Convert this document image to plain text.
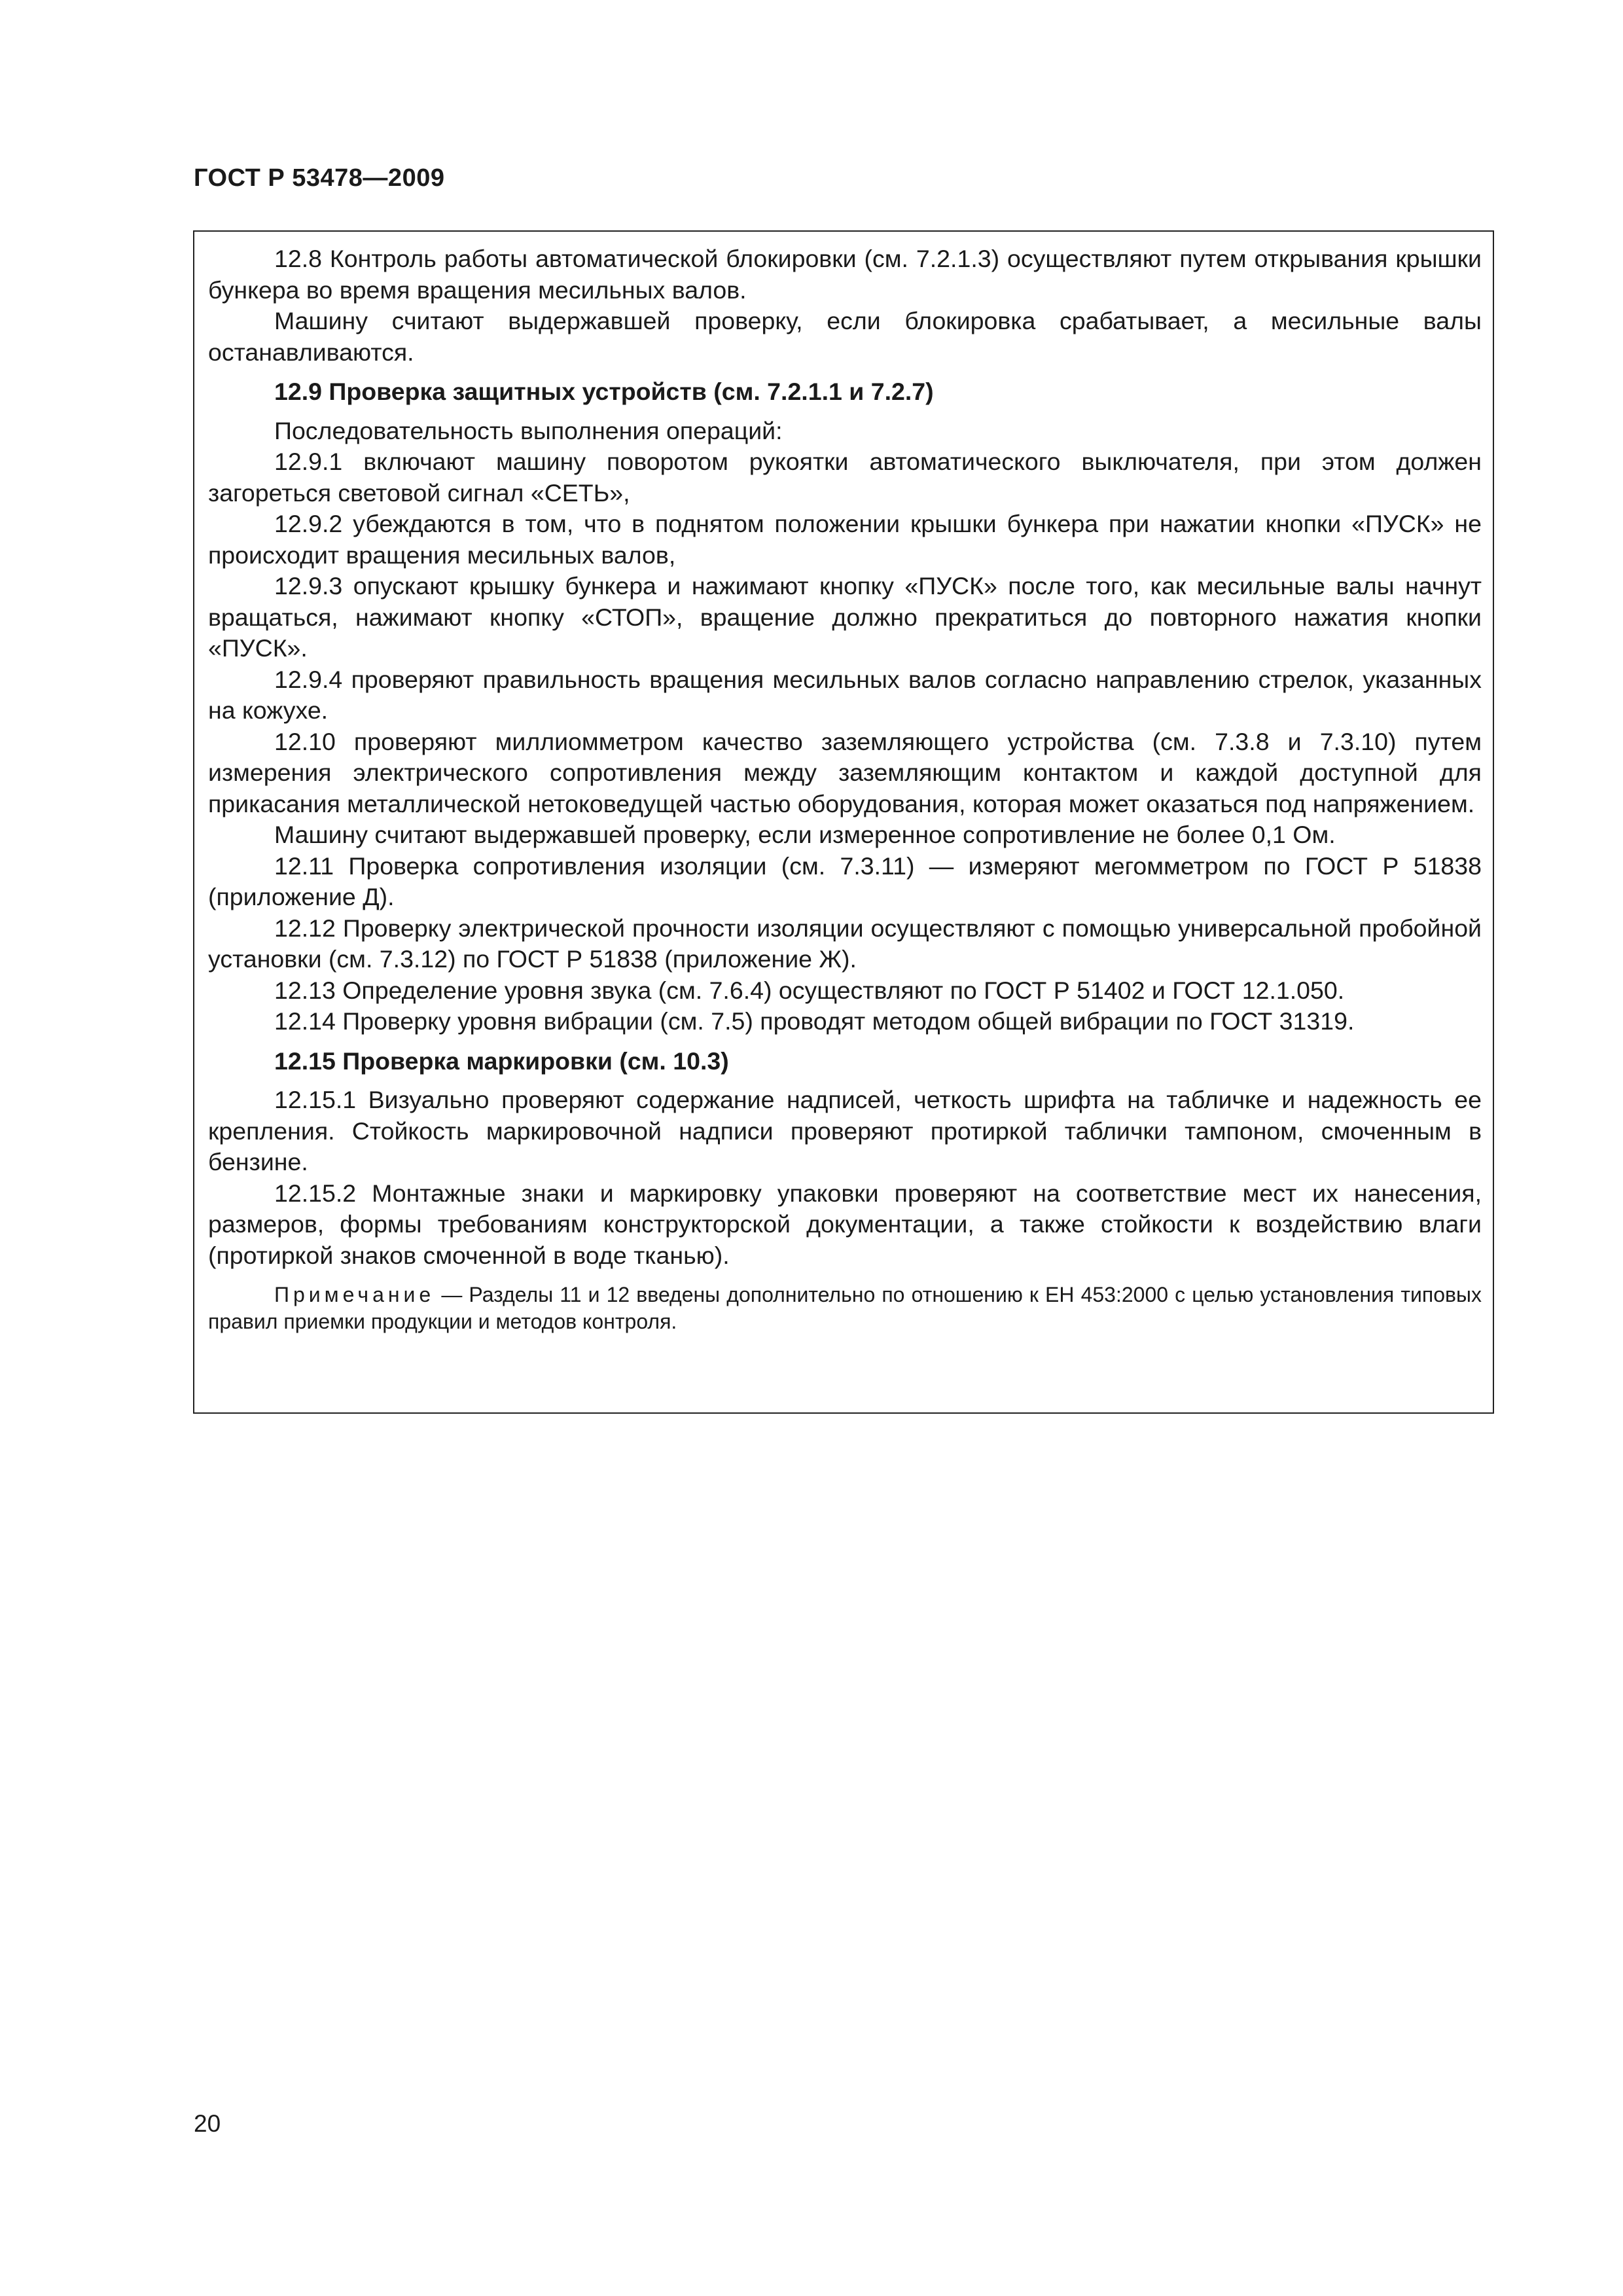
ГОСТ Р 53478—2009

12.8 Контроль работы автоматической блокировки (см. 7.2.1.3) осуществляют путем открывания крышки бункера во время вращения месильных валов.

Машину считают выдержавшей проверку, если блокировка срабатывает, а месильные валы останавливаются.

12.9 Проверка защитных устройств (см. 7.2.1.1 и 7.2.7)

Последовательность выполнения операций:

12.9.1 включают машину поворотом рукоятки автоматического выключателя, при этом должен загореться световой сигнал «СЕТЬ»,

12.9.2 убеждаются в том, что в поднятом положении крышки бункера при нажатии кнопки «ПУСК» не происходит вращения месильных валов,

12.9.3 опускают крышку бункера и нажимают кнопку «ПУСК» после того, как месильные валы начнут вращаться, нажимают кнопку «СТОП», вращение должно прекратиться до повторного нажатия кнопки «ПУСК».

12.9.4 проверяют правильность вращения месильных валов согласно направлению стрелок, указанных на кожухе.

12.10 проверяют миллиомметром качество заземляющего устройства (см. 7.3.8 и 7.3.10) путем измерения электрического сопротивления между заземляющим контактом и каждой доступной для прикасания металлической нетоковедущей частью оборудования, которая может оказаться под напряжением.

Машину считают выдержавшей проверку, если измеренное сопротивление не более 0,1 Ом.

12.11 Проверка сопротивления изоляции (см. 7.3.11) — измеряют мегомметром по ГОСТ Р 51838 (приложение Д).

12.12 Проверку электрической прочности изоляции осуществляют с помощью универсальной пробойной установки (см. 7.3.12) по ГОСТ Р 51838 (приложение Ж).

12.13 Определение уровня звука (см. 7.6.4) осуществляют по ГОСТ Р 51402 и ГОСТ 12.1.050.

12.14 Проверку уровня вибрации (см. 7.5) проводят методом общей вибрации по ГОСТ 31319.

12.15 Проверка маркировки (см. 10.3)

12.15.1 Визуально проверяют содержание надписей, четкость шрифта на табличке и надежность ее крепления. Стойкость маркировочной надписи проверяют протиркой таблички тампоном, смоченным в бензине.

12.15.2 Монтажные знаки и маркировку упаковки проверяют на соответствие мест их нанесения, размеров, формы требованиям конструкторской документации, а также стойкости к воздействию влаги (протиркой знаков смоченной в воде тканью).

Примечание — Разделы 11 и 12 введены дополнительно по отношению к ЕН 453:2000 с целью установления типовых правил приемки продукции и методов контроля.

20
